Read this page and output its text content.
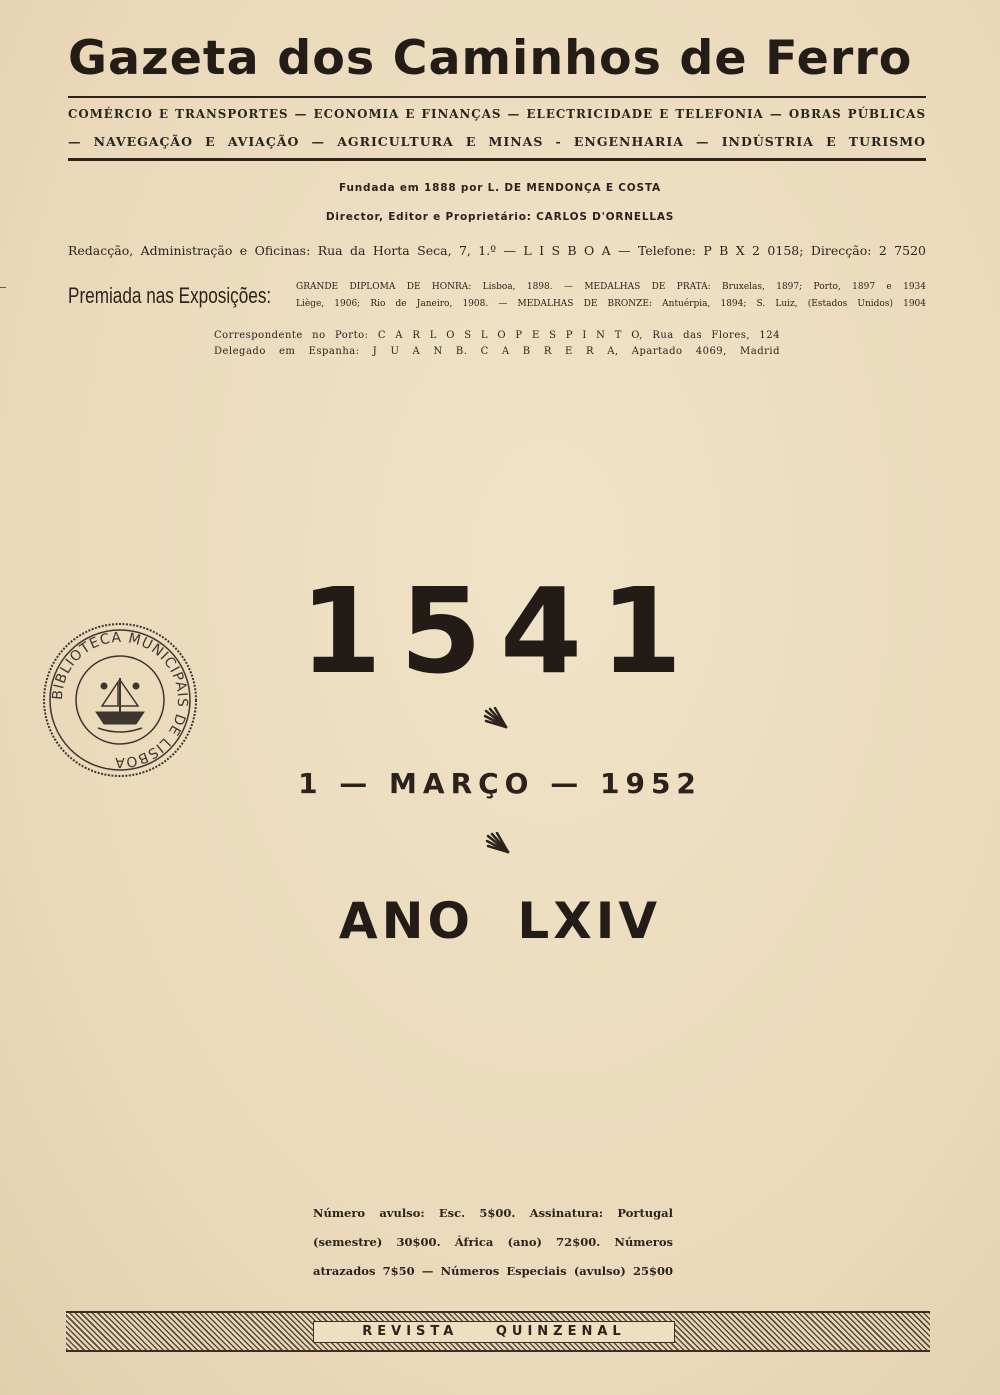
Gazeta dos Caminhos de Ferro
COMÉRCIO E TRANSPORTES — ECONOMIA E FINANÇAS — ELECTRICIDADE E TELEFONIA — OBRAS PÚBLICAS
— NAVEGAÇÃO E AVIAÇÃO — AGRICULTURA E MINAS - ENGENHARIA — INDÚSTRIA E TURISMO
Fundada em 1888 por L. DE MENDONÇA E COSTA
Director, Editor e Proprietário: CARLOS D'ORNELLAS
Redacção, Administração e Oficinas: Rua da Horta Seca, 7, 1.º — L I S B O A — Telefone: P B X 2 0158; Direcção: 2 7520
Premiada nas Exposições:	GRANDE DIPLOMA DE HONRA: Lisboa, 1898. — MEDALHAS DE PRATA: Bruxelas, 1897; Porto, 1897 e 1934
Liège, 1906; Rio de Janeiro, 1908. — MEDALHAS DE BRONZE: Antuérpia, 1894; S. Luiz, (Estados Unidos) 1904
Correspondente no Porto: C A R L O S L O P E S P I N T O, Rua das Flores, 124
Delegado em Espanha: J U A N B. C A B R E R A, Apartado 4069, Madrid
BIBLIOTECA MUNICIPAIS DE LISBOA
1541
1 — MARÇO — 1952
ANO LXIV
Número avulso: Esc. 5$00. Assinatura: Portugal
(semestre) 30$00. África (ano) 72$00. Números
atrazados 7$50 — Números Especiais (avulso) 25$00
REVISTA QUINZENAL
